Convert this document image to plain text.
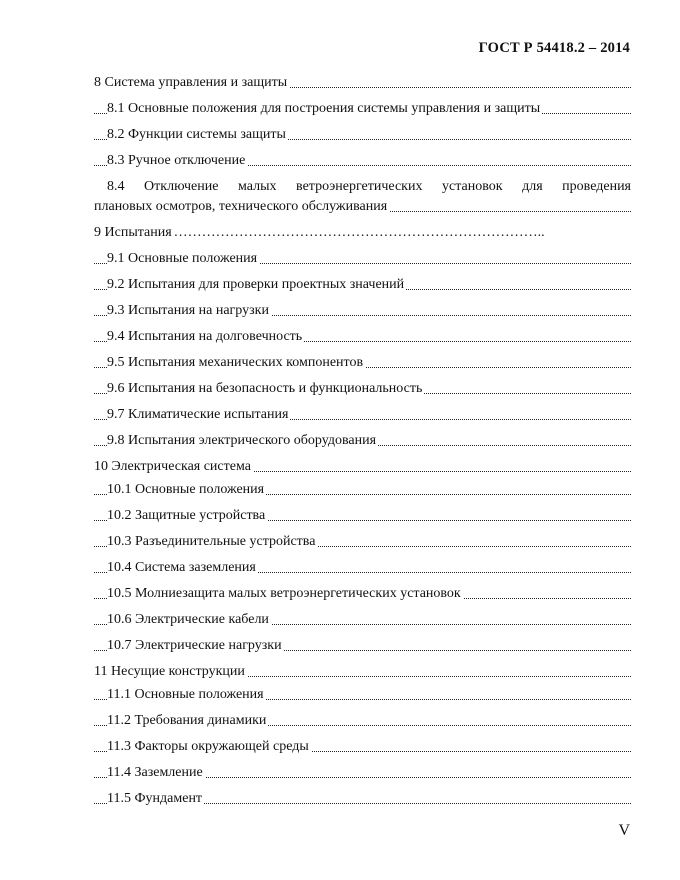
ГОСТ Р 54418.2 – 2014
8 Система управления и защиты
8.1 Основные положения для построения системы управления и защиты
8.2 Функции системы защиты
8.3 Ручное отключение
8.4 Отключение малых ветроэнергетических установок для проведения
плановых осмотров, технического обслуживания
9 Испытания ……………………………………………………………………..
9.1 Основные положения
9.2 Испытания для проверки проектных значений
9.3 Испытания на нагрузки
9.4 Испытания на долговечность
9.5 Испытания механических компонентов
9.6 Испытания на безопасность и функциональность
9.7 Климатические испытания
9.8 Испытания электрического оборудования
10 Электрическая система
10.1 Основные положения
10.2 Защитные устройства
10.3 Разъединительные устройства
10.4 Система заземления
10.5 Молниезащита малых ветроэнергетических установок
10.6 Электрические кабели
10.7 Электрические нагрузки
11 Несущие конструкции
11.1 Основные положения
11.2 Требования динамики
11.3 Факторы окружающей среды
11.4 Заземление
11.5 Фундамент
V
